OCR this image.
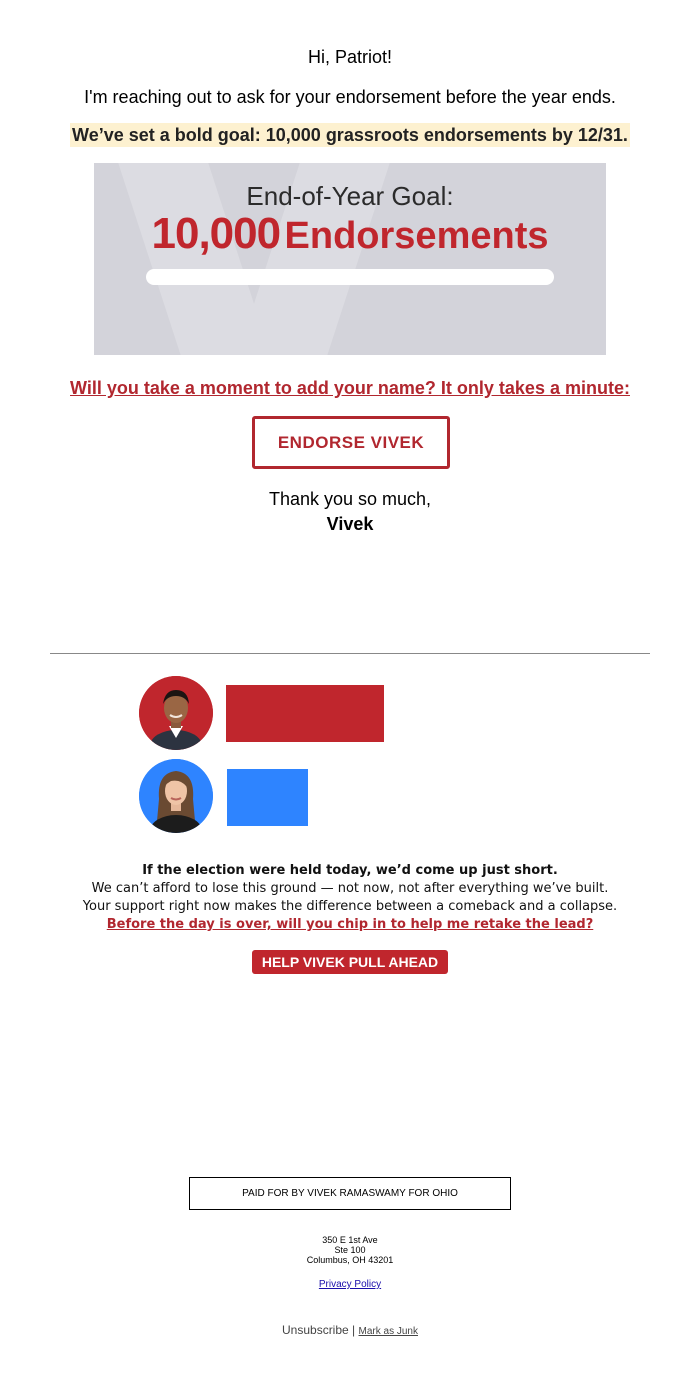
Hi, Patriot!
I'm reaching out to ask for your endorsement before the year ends.
We’ve set a bold goal: 10,000 grassroots endorsements by 12/31.
End-of-Year Goal:
10,000 Endorsements
Will you take a moment to add your name? It only takes a minute:
ENDORSE VIVEK
Thank you so much,
Vivek
If the election were held today, we’d come up just short.
We can’t afford to lose this ground — not now, not after everything we’ve built.
Your support right now makes the difference between a comeback and a collapse.
Before the day is over, will you chip in to help me retake the lead?
HELP VIVEK PULL AHEAD
PAID FOR BY VIVEK RAMASWAMY FOR OHIO
350 E 1st Ave
Ste 100
Columbus, OH 43201
Privacy Policy
Unsubscribe | Mark as Junk
